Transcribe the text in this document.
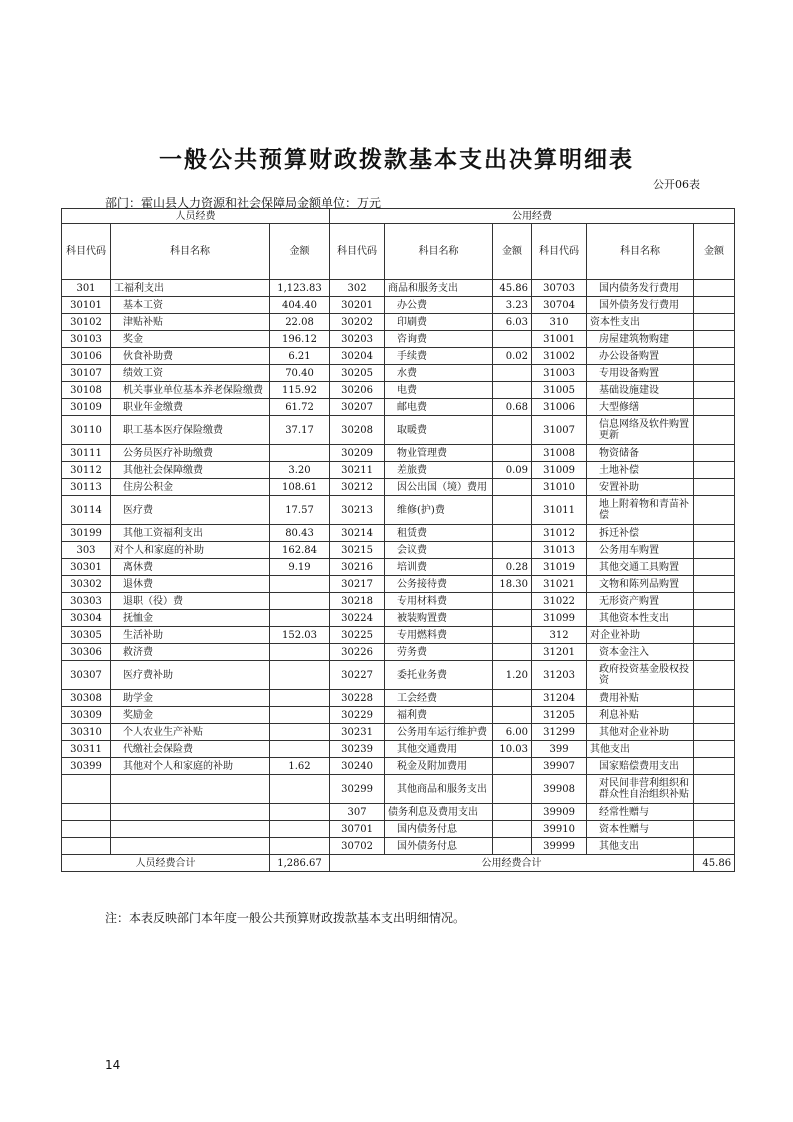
一般公共预算财政拨款基本支出决算明细表
公开06表
部门：霍山县人力资源和社会保障局金额单位：万元
人员经费			公用经费					
科目代码	科目名称	金额	科目代码	科目名称	金额	科目代码	科目名称	金额
301	工福利支出	1,123.83	302	商品和服务支出	45.86	30703	国内债务发行费用	
30101	基本工资	404.40	30201	办公费	3.23	30704	国外债务发行费用	
30102	津贴补贴	22.08	30202	印刷费	6.03	310	资本性支出	
30103	奖金	196.12	30203	咨询费		31001	房屋建筑物购建	
30106	伙食补助费	6.21	30204	手续费	0.02	31002	办公设备购置	
30107	绩效工资	70.40	30205	水费		31003	专用设备购置	
30108	机关事业单位基本养老保险缴费	115.92	30206	电费		31005	基础设施建设	
30109	职业年金缴费	61.72	30207	邮电费	0.68	31006	大型修缮	
30110	职工基本医疗保险缴费	37.17	30208	取暖费		31007	信息网络及软件购置更新	
30111	公务员医疗补助缴费		30209	物业管理费		31008	物资储备	
30112	其他社会保障缴费	3.20	30211	差旅费	0.09	31009	土地补偿	
30113	住房公积金	108.61	30212	因公出国（境）费用		31010	安置补助	
30114	医疗费	17.57	30213	维修(护)费		31011	地上附着物和青苗补偿	
30199	其他工资福利支出	80.43	30214	租赁费		31012	拆迁补偿	
303	对个人和家庭的补助	162.84	30215	会议费		31013	公务用车购置	
30301	离休费	9.19	30216	培训费	0.28	31019	其他交通工具购置	
30302	退休费		30217	公务接待费	18.30	31021	文物和陈列品购置	
30303	退职（役）费		30218	专用材料费		31022	无形资产购置	
30304	抚恤金		30224	被装购置费		31099	其他资本性支出	
30305	生活补助	152.03	30225	专用燃料费		312	对企业补助	
30306	救济费		30226	劳务费		31201	资本金注入	
30307	医疗费补助		30227	委托业务费	1.20	31203	政府投资基金股权投资	
30308	助学金		30228	工会经费		31204	费用补贴	
30309	奖励金		30229	福利费		31205	利息补贴	
30310	个人农业生产补贴		30231	公务用车运行维护费	6.00	31299	其他对企业补助	
30311	代缴社会保险费		30239	其他交通费用	10.03	399	其他支出	
30399	其他对个人和家庭的补助	1.62	30240	税金及附加费用		39907	国家赔偿费用支出	
			30299	其他商品和服务支出		39908	对民间非营利组织和群众性自治组织补贴	
			307	债务利息及费用支出		39909	经常性赠与	
			30701	国内债务付息		39910	资本性赠与	
			30702	国外债务付息		39999	其他支出	
人员经费合计		1,286.67	公用经费合计					45.86
注：本表反映部门本年度一般公共预算财政拨款基本支出明细情况。
14
